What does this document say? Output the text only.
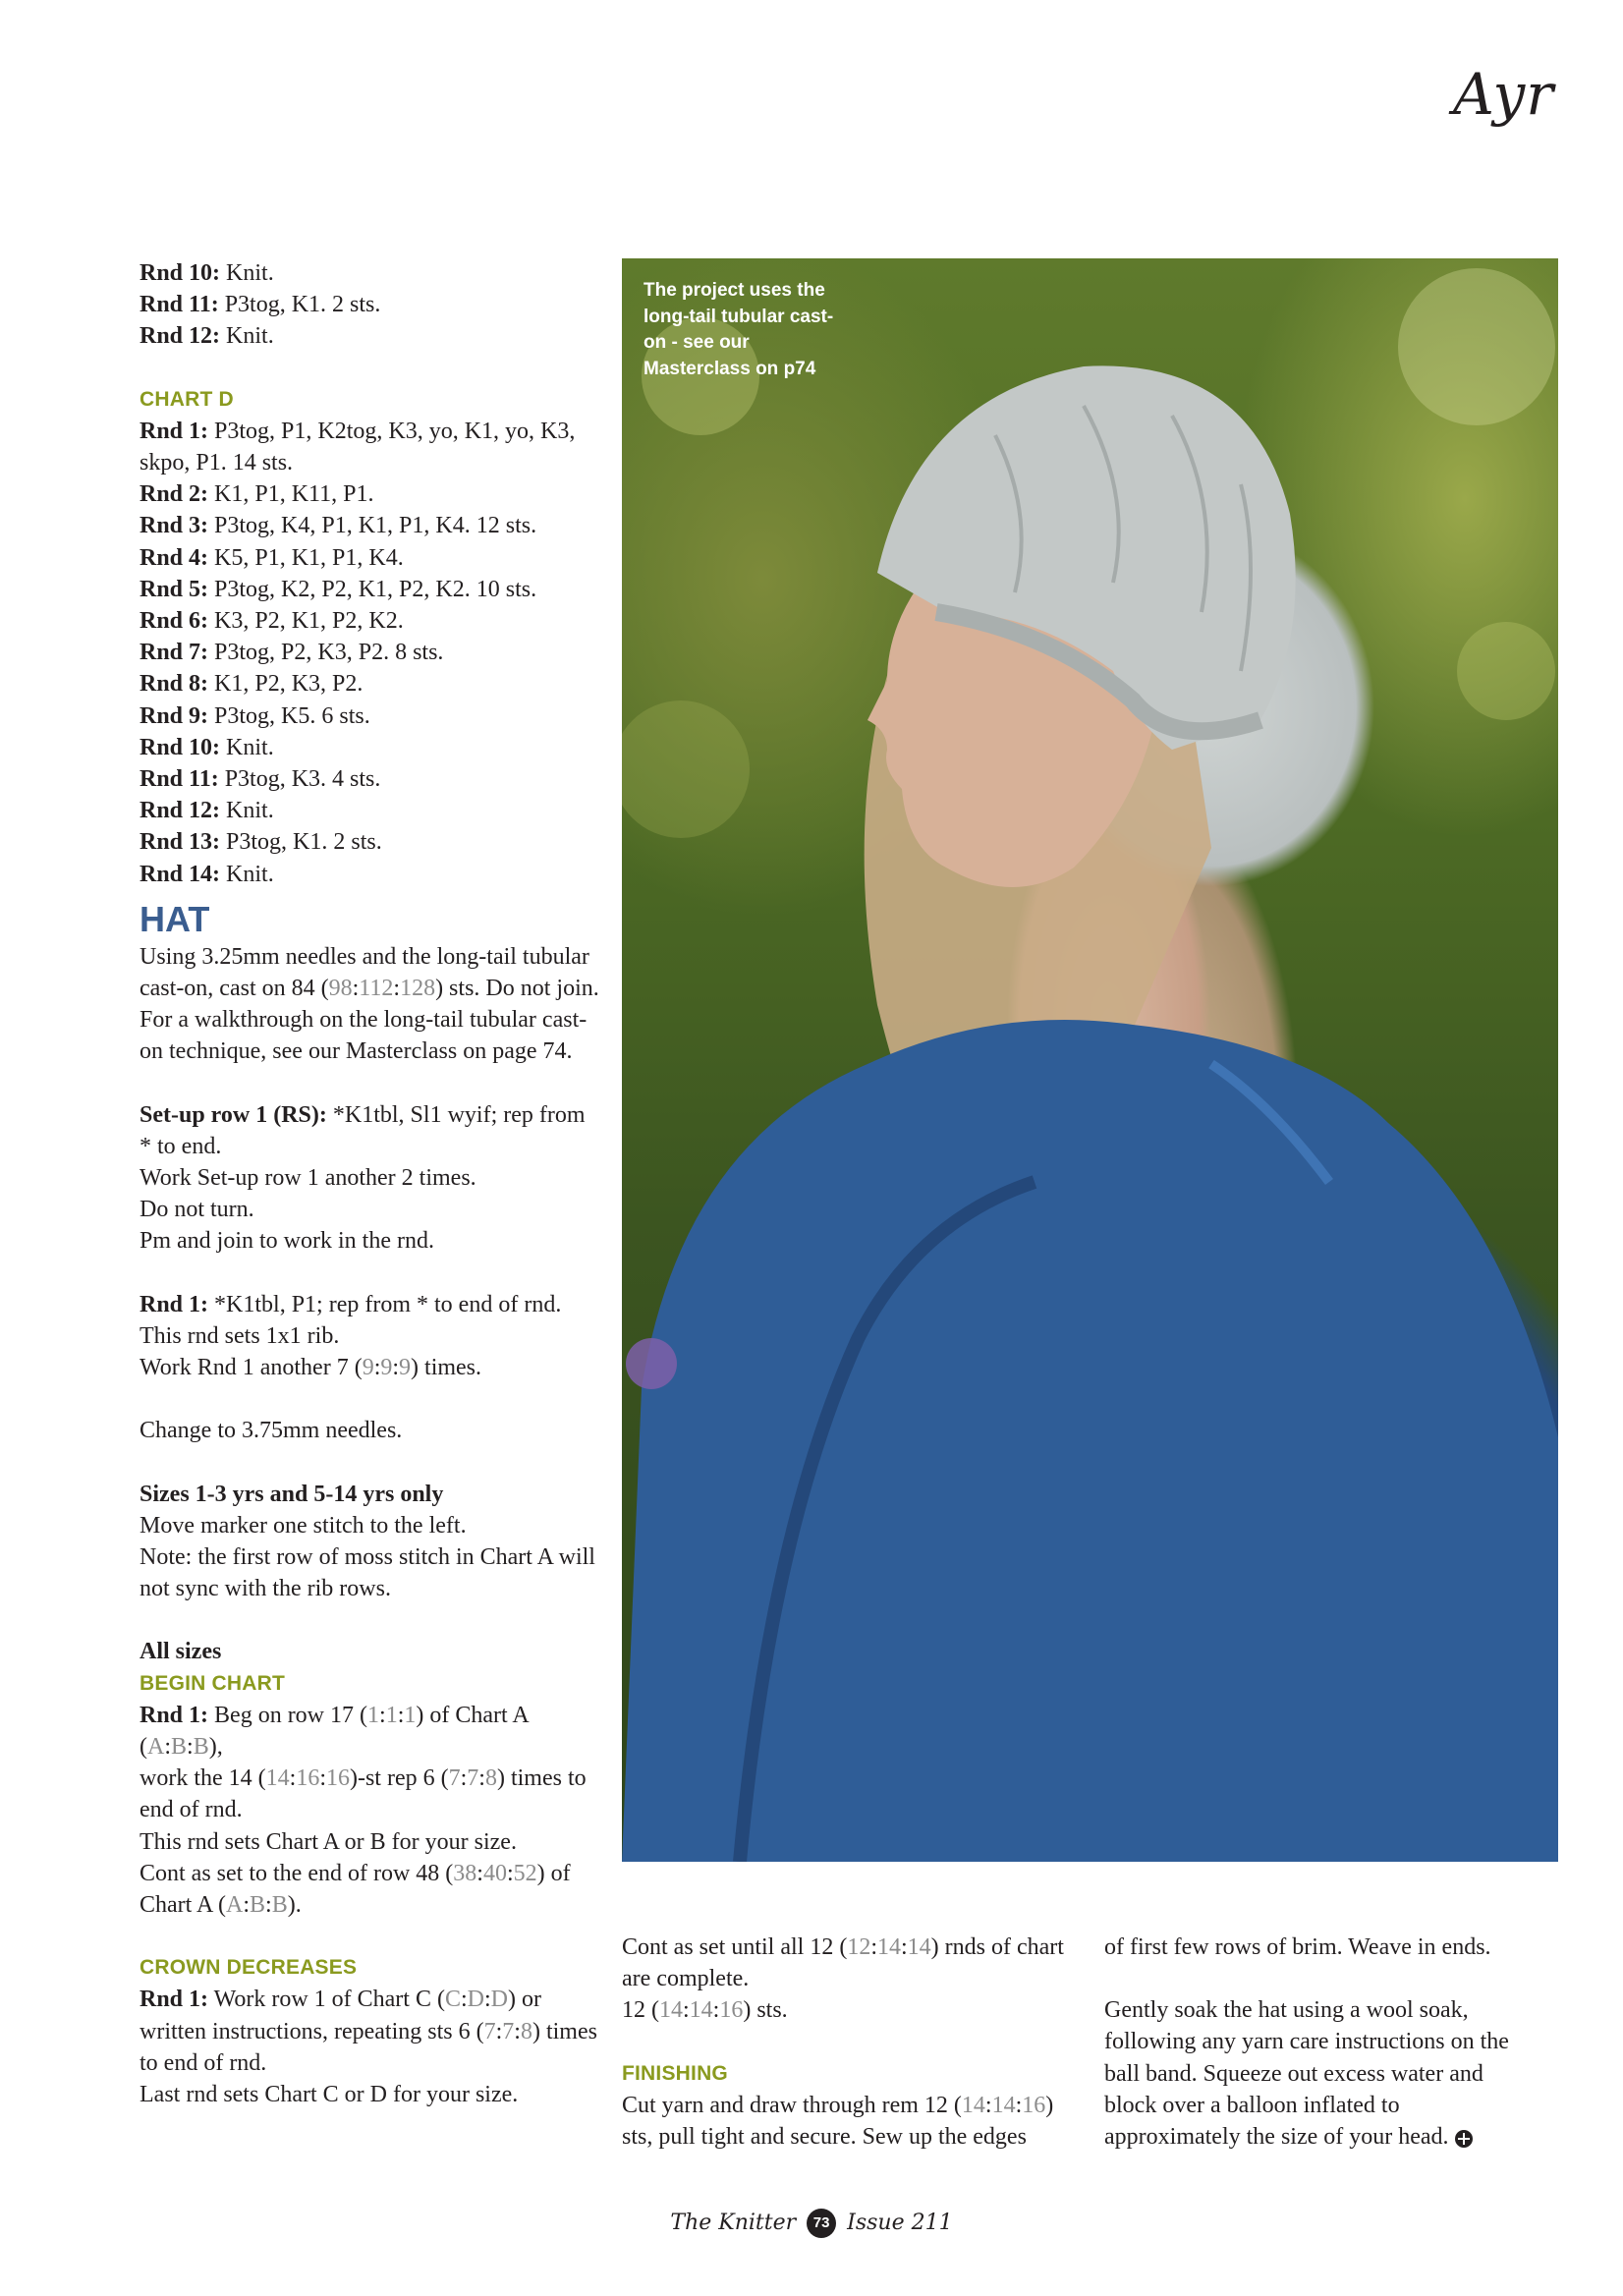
Ayr

Rnd 10: Knit.

Rnd 11: P3tog, K1. 2 sts.

Rnd 12: Knit.

CHART D

Rnd 1: P3tog, P1, K2tog, K3, yo, K1, yo, K3, skpo, P1. 14 sts.

Rnd 2: K1, P1, K11, P1.

Rnd 3: P3tog, K4, P1, K1, P1, K4. 12 sts.

Rnd 4: K5, P1, K1, P1, K4.

Rnd 5: P3tog, K2, P2, K1, P2, K2. 10 sts.

Rnd 6: K3, P2, K1, P2, K2.

Rnd 7: P3tog, P2, K3, P2. 8 sts.

Rnd 8: K1, P2, K3, P2.

Rnd 9: P3tog, K5. 6 sts.

Rnd 10: Knit.

Rnd 11: P3tog, K3. 4 sts.

Rnd 12: Knit.

Rnd 13: P3tog, K1. 2 sts.

Rnd 14: Knit.

HAT

Using 3.25mm needles and the long-tail tubular cast-on, cast on 84 (98:112:128) sts. Do not join.

For a walkthrough on the long-tail tubular cast-on technique, see our Masterclass on page 74.

Set-up row 1 (RS): *K1tbl, Sl1 wyif; rep from * to end.

Work Set-up row 1 another 2 times.

Do not turn.

Pm and join to work in the rnd.

Rnd 1: *K1tbl, P1; rep from * to end of rnd.

This rnd sets 1x1 rib.

Work Rnd 1 another 7 (9:9:9) times.

Change to 3.75mm needles.

Sizes 1-3 yrs and 5-14 yrs only

Move marker one stitch to the left.

Note: the first row of moss stitch in Chart A will not sync with the rib rows.

All sizes

BEGIN CHART

Rnd 1: Beg on row 17 (1:1:1) of Chart A (A:B:B),

work the 14 (14:16:16)-st rep 6 (7:7:8) times to end of rnd.

This rnd sets Chart A or B for your size.

Cont as set to the end of row 48 (38:40:52) of Chart A (A:B:B).

CROWN DECREASES

Rnd 1: Work row 1 of Chart C (C:D:D) or written instructions, repeating sts 6 (7:7:8) times to end of rnd.

Last rnd sets Chart C or D for your size.

The project uses the long-tail tubular cast-on - see our Masterclass on p74

Cont as set until all 12 (12:14:14) rnds of chart are complete.

12 (14:14:16) sts.

FINISHING

Cut yarn and draw through rem 12 (14:14:16) sts, pull tight and secure. Sew up the edges

of first few rows of brim. Weave in ends.

Gently soak the hat using a wool soak, following any yarn care instructions on the ball band. Squeeze out excess water and block over a balloon inflated to approximately the size of your head.

The Knitter 73 Issue 211
